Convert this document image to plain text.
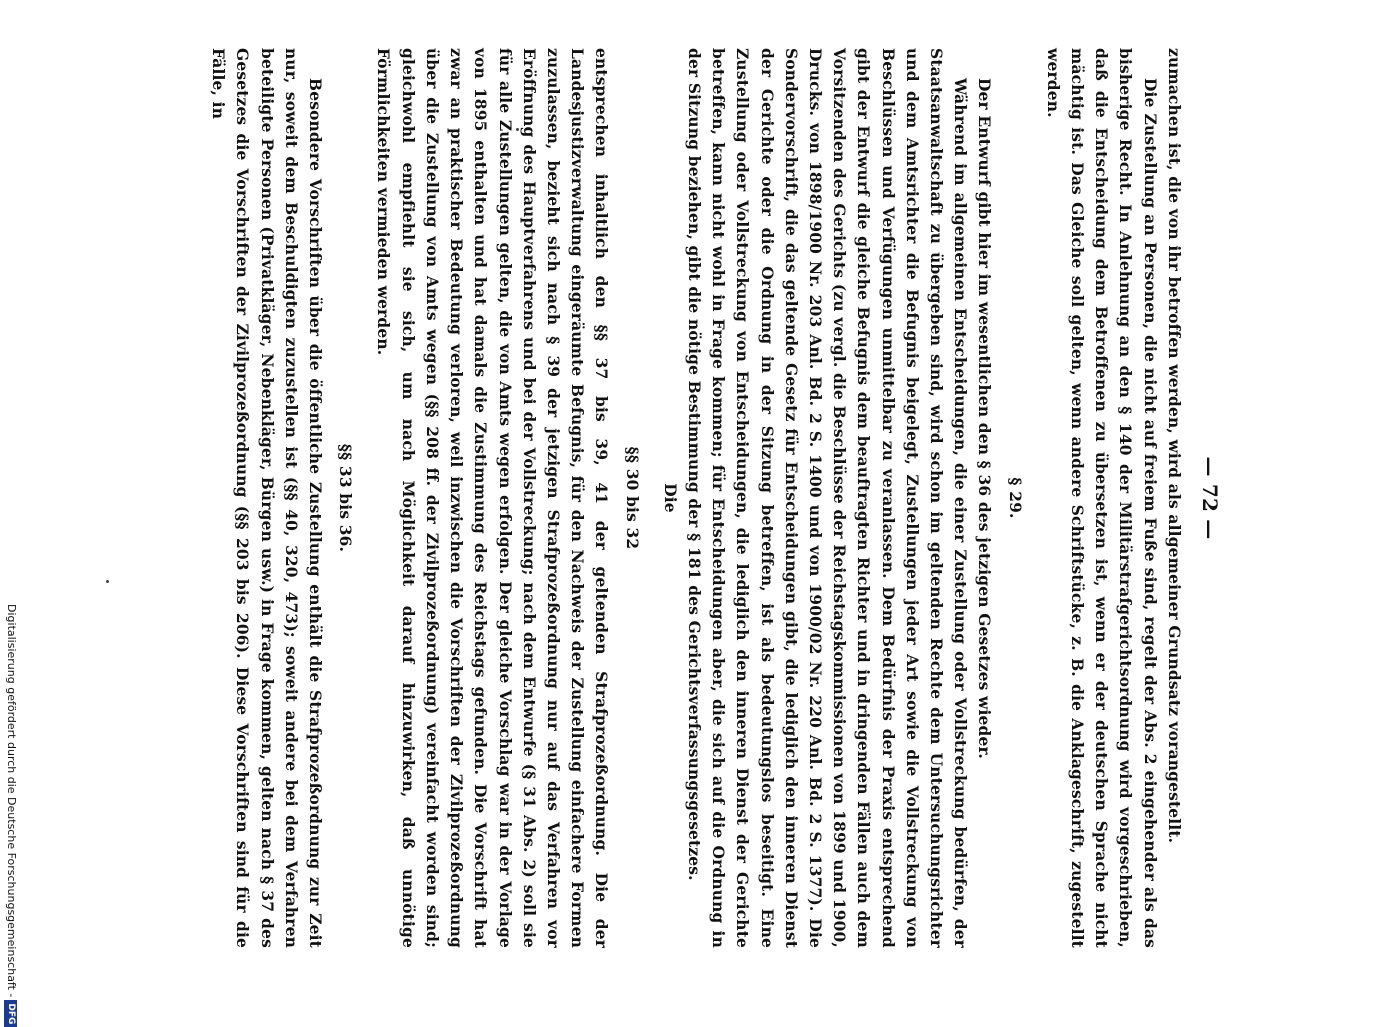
— 72 —

zumachen ist, die von ihr betroffen werden, wird als allgemeiner Grundsatz vorangestellt.

Die Zustellung an Personen, die nicht auf freiem Fuße sind, regelt der Abs. 2 eingehender als das bisherige Recht. In Anlehnung an den § 140 der Militärstrafgerichtsordnung wird vorgeschrieben, daß die Entscheidung dem Betroffenen zu übersetzen ist, wenn er der deutschen Sprache nicht mächtig ist. Das Gleiche soll gelten, wenn andere Schriftstücke, z. B. die Anklageschrift, zugestellt werden.

§ 29.

Der Entwurf gibt hier im wesentlichen den § 36 des jetzigen Gesetzes wieder.

Während im allgemeinen Entscheidungen, die einer Zustellung oder Vollstreckung bedürfen, der Staatsanwaltschaft zu übergeben sind, wird schon im geltenden Rechte dem Untersuchungsrichter und dem Amtsrichter die Befugnis beigelegt, Zustellungen jeder Art sowie die Vollstreckung von Beschlüssen und Verfügungen unmittelbar zu veranlassen. Dem Bedürfnis der Praxis entsprechend gibt der Entwurf die gleiche Befugnis dem beauftragten Richter und in dringenden Fällen auch dem Vorsitzenden des Gerichts (zu vergl. die Beschlüsse der Reichstagskommissionen von 1899 und 1900, Drucks. von 1898/1900 Nr. 203 Anl. Bd. 2 S. 1400 und von 1900/02 Nr. 220 Anl. Bd. 2 S. 1377). Die Sondervorschrift, die das geltende Gesetz für Entscheidungen gibt, die lediglich den inneren Dienst der Gerichte oder die Ordnung in der Sitzung betreffen, ist als bedeutungslos beseitigt. Eine Zustellung oder Vollstreckung von Entscheidungen, die lediglich den inneren Dienst der Gerichte betreffen, kann nicht wohl in Frage kommen; für Entscheidungen aber, die sich auf die Ordnung in der Sitzung beziehen, gibt die nötige Bestimmung der § 181 des Gerichtsverfassungsgesetzes.

Die
§§ 30 bis 32

entsprechen inhaltlich den §§ 37 bis 39, 41 der geltenden Strafprozeßordnung. Die der Landesjustizverwaltung eingeräumte Befugnis, für den Nachweis der Zustellung einfachere Formen zuzulassen, bezieht sich nach § 39 der jetzigen Strafprozeßordnung nur auf das Verfahren vor Eröffnung des Hauptverfahrens und bei der Vollstreckung; nach dem Entwurfe (§ 31 Abs. 2) soll sie für alle Zustellungen gelten, die von Amts wegen erfolgen. Der gleiche Vorschlag war in der Vorlage von 1895 enthalten und hat damals die Zustimmung des Reichstags gefunden. Die Vorschrift hat zwar an praktischer Bedeutung verloren, weil inzwischen die Vorschriften der Zivilprozeßordnung über die Zustellung von Amts wegen (§§ 208 ff. der Zivilprozeßordnung) vereinfacht worden sind; gleichwohl empfiehlt sie sich, um nach Möglichkeit darauf hinzuwirken, daß unnötige Förmlichkeiten vermieden werden.

§§ 33 bis 36.

Besondere Vorschriften über die öffentliche Zustellung enthält die Strafprozeßordnung zur Zeit nur, soweit dem Beschuldigten zuzustellen ist (§§ 40, 320, 473); soweit andere bei dem Verfahren beteiligte Personen (Privatkläger, Nebenkläger, Bürgen usw.) in Frage kommen, gelten nach § 37 des Gesetzes die Vorschriften der Zivilprozeßordnung (§§ 203 bis 206). Diese Vorschriften sind für die Fälle, in

Digitalisierung gefördert durch die Deutsche Forschungsgemeinschaft -DFG
